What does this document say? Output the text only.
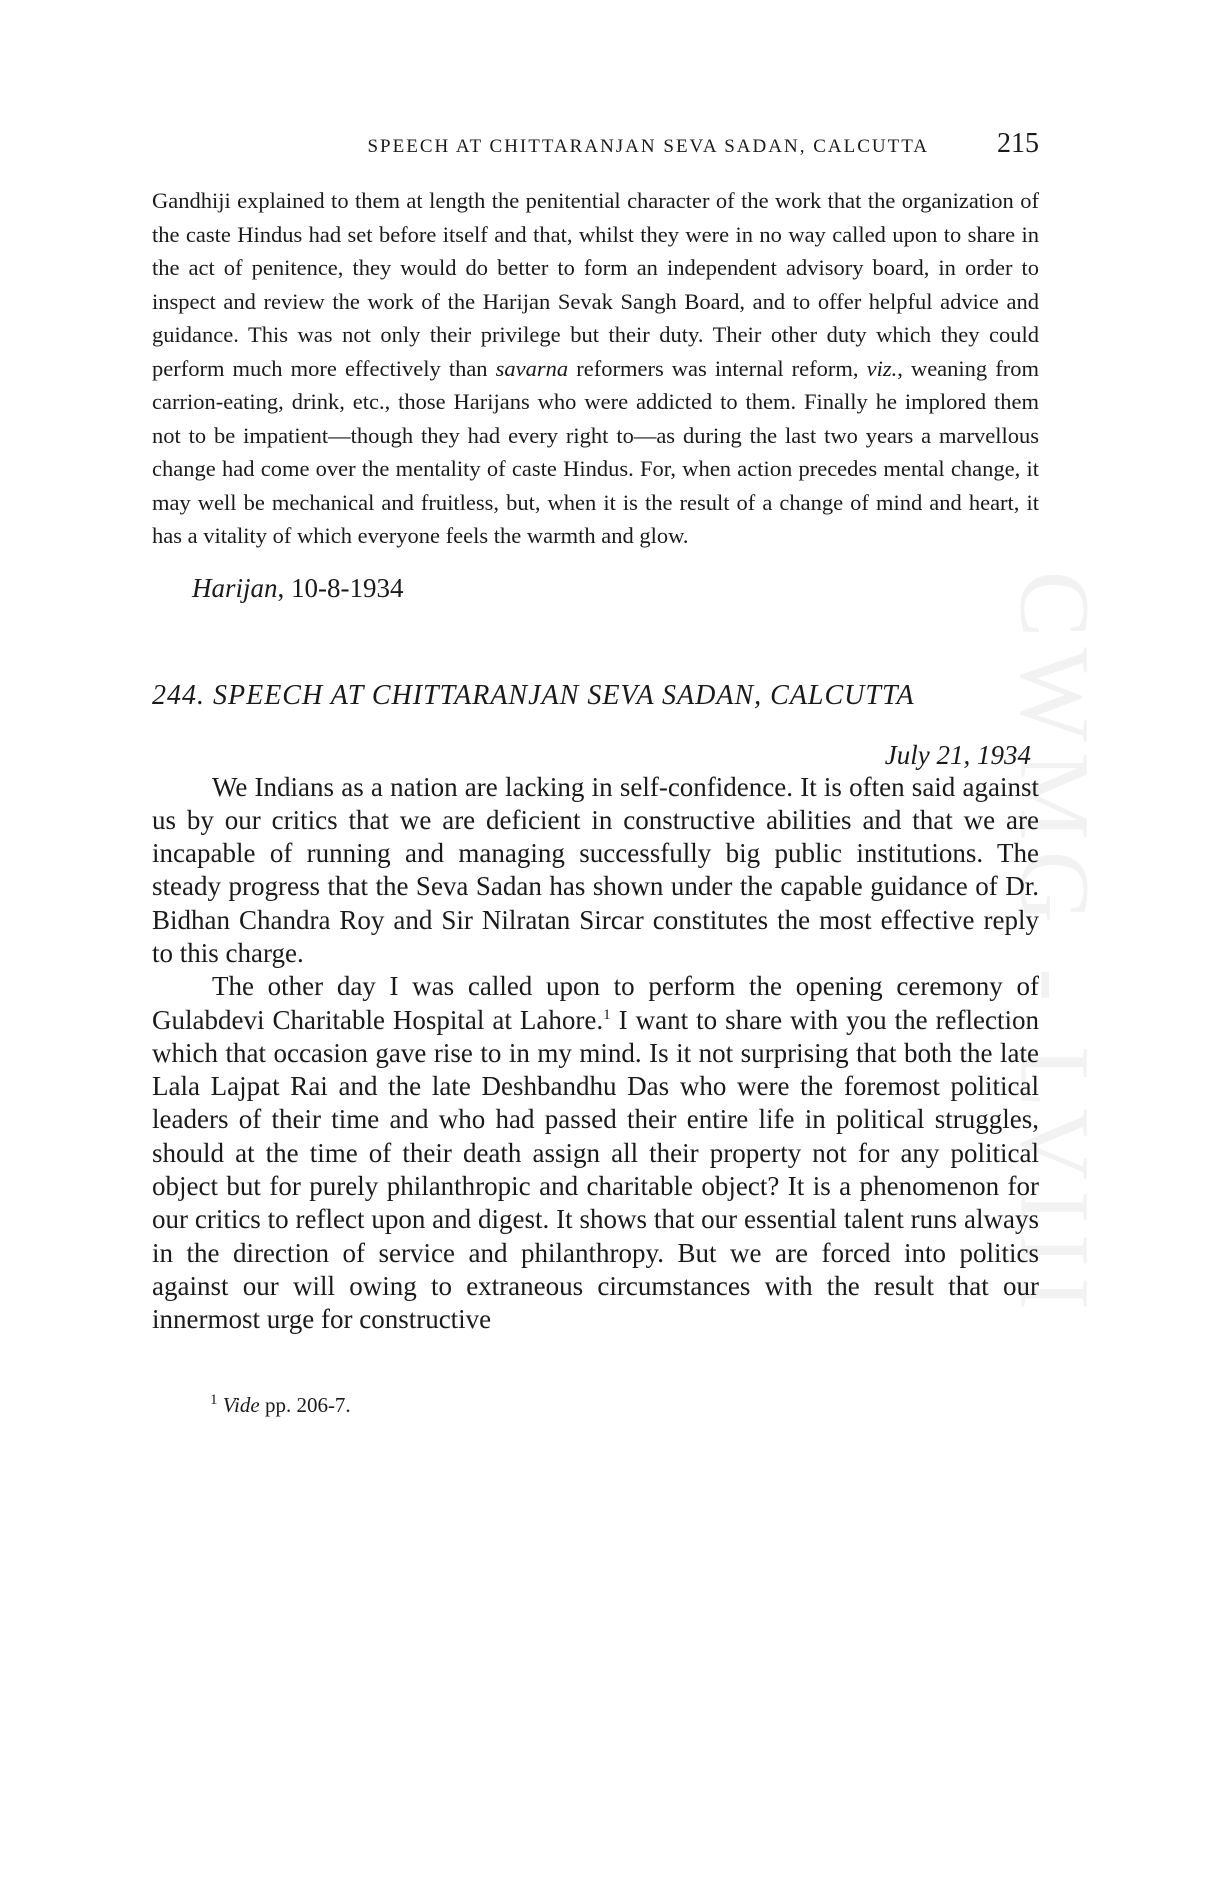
CWMG - LVIII
SPEECH AT CHITTARANJAN SEVA SADAN, CALCUTTA 215

Gandhiji explained to them at length the penitential character of the work that the organization of the caste Hindus had set before itself and that, whilst they were in no way called upon to share in the act of penitence, they would do better to form an independent advisory board, in order to inspect and review the work of the Harijan Sevak Sangh Board, and to offer helpful advice and guidance. This was not only their privilege but their duty. Their other duty which they could perform much more effectively than savarna reformers was internal reform, viz., weaning from carrion-eating, drink, etc., those Harijans who were addicted to them. Finally he implored them not to be impatient—though they had every right to—as during the last two years a marvellous change had come over the mentality of caste Hindus. For, when action precedes mental change, it may well be mechanical and fruitless, but, when it is the result of a change of mind and heart, it has a vitality of which everyone feels the warmth and glow.

Harijan, 10-8-1934
244. SPEECH AT CHITTARANJAN SEVA SADAN, CALCUTTA
July 21, 1934

We Indians as a nation are lacking in self-confidence. It is often said against us by our critics that we are deficient in constructive abilities and that we are incapable of running and managing successfully big public institutions. The steady progress that the Seva Sadan has shown under the capable guidance of Dr. Bidhan Chandra Roy and Sir Nilratan Sircar constitutes the most effective reply to this charge.

The other day I was called upon to perform the opening ceremony of Gulabdevi Charitable Hospital at Lahore.$^1$ I want to share with you the reflection which that occasion gave rise to in my mind. Is it not surprising that both the late Lala Lajpat Rai and the late Deshbandhu Das who were the foremost political leaders of their time and who had passed their entire life in political struggles, should at the time of their death assign all their property not for any political object but for purely philanthropic and charitable object? It is a phenomenon for our critics to reflect upon and digest. It shows that our essential talent runs always in the direction of service and philanthropy. But we are forced into politics against our will owing to extraneous circumstances with the result that our innermost urge for constructive

$^1$ Vide pp. 206-7.
